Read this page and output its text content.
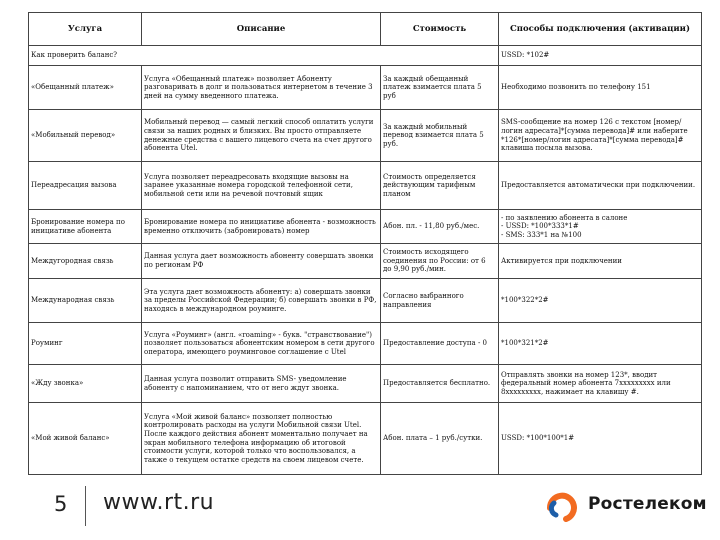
Услуга	Описание	Стоимость	Способы подключения (активации)
Как проверить баланс?			USSD: *102#
«Обещанный платеж»	Услуга «Обещанный платеж» позволяет Абоненту разговаривать в долг и пользоваться интернетом в течение 3 дней на сумму введенного платежа.	За каждый обещанный платеж взимается плата 5 руб	Необходимо позвонить по телефону 151
«Мобильный перевод»	Мобильный перевод — самый легкий способ оплатить услуги связи за наших родных и близких. Вы просто отправляете денежные средства с вашего лицевого счета на счет другого абонента Utel.	За каждый мобильный перевод взимается плата 5 руб.	SMS-сообщение на номер 126 с текстом [номер/логин адресата]*[сумма перевода]# или наберите *126*[номер/логин адресата]*[сумма перевода]# клавиша посыла вызова.
Переадресация вызова	Услуга позволяет переадресовать входящие вызовы на заранее указанные номера городской телефонной сети, мобильной сети или на речевой почтовый ящик	Стоимость определяется действующим тарифным планом	Предоставляется автоматически при подключении.
Бронирование номера по инициативе абонента	Бронирование номера по инициативе абонента - возможность временно отключить (забронировать) номер	Абон. пл. - 11,80 руб./мес.	- по заявлению абонента в салоне
- USSD: *100*333*1#
- SMS: 333*1 на №100
Междугородная связь	Данная услуга дает возможность абоненту совершать звонки по регионам РФ	Стоимость исходящего соединения по России: от 6 до 9,90 руб./мин.	Активируется при подключении
Международная связь	Эта услуга дает возможность абоненту: а) совершать звонки за пределы Российской Федерации; б) совершать звонки в РФ, находясь в международном роуминге.	Согласно выбранного направления	*100*322*2#
Роуминг	Услуга «Роуминг» (англ. «roaming» - букв. "странствование") позволяет пользоваться абонентским номером в сети другого оператора, имеющего роуминговое соглашение с Utel	Предоставление доступа - 0	*100*321*2#
«Жду звонка»	Данная услуга позволит отправить SMS- уведомление абоненту с напоминанием, что от него ждут звонка.	Предоставляется бесплатно.	Отправлять звонки на номер 123*, вводит федеральный номер абонента 7xxxxxxxxx или 8xxxxxxxxx, нажимает на клавишу #.
«Мой живой баланс»	Услуга «Мой живой баланс» позволяет полностью контролировать расходы на услуги Мобильной связи Utel. После каждого действия абонент моментально получает на экран мобильного телефона информацию об итоговой стоимости услуги, которой только что воспользовался, а также о текущем остатке средств на своем лицевом счете.	Абон. плата – 1 руб./сутки.	USSD: *100*100*1#
5 www.rt.ru	Ростелеком
